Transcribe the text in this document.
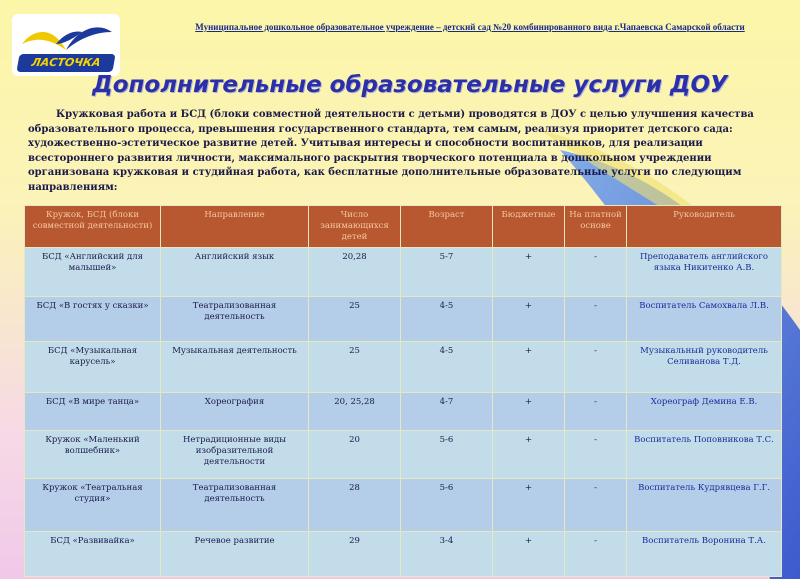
ЛАСТОЧКА
Муниципальное дошкольное образовательное учреждение – детский сад №20 комбинированного вида г.Чапаевска Самарской области
Дополнительные образовательные услуги ДОУ
Кружковая работа и БСД (блоки совместной деятельности с детьми) проводятся в ДОУ с целью улучшения качества образовательного процесса, превышения государственного стандарта, тем самым, реализуя приоритет детского сада: художественно-эстетическое развитие детей. Учитывая интересы и способности воспитанников, для реализации всестороннего развития личности, максимального раскрытия творческого потенциала в дошкольном учреждении организована кружковая и студийная работа, как бесплатные дополнительные образовательные услуги по следующим направлениям:
Кружок, БСД (блоки совместной деятельности)	Направление	Число занимающихся детей	Возраст	Бюджетные	На платной основе	Руководитель
БСД «Английский для малышей»	Английский язык	20,28	5-7	+	-	Преподаватель английского языка Никитенко А.В.
БСД «В гостях у сказки»	Театрализованная деятельность	25	4-5	+	-	Воспитатель Самохвала Л.В.
БСД «Музыкальная карусель»	Музыкальная деятельность	25	4-5	+	-	Музыкальный руководитель Селиванова Т.Д.
БСД «В мире танца»	Хореография	20, 25,28	4-7	+	-	Хореограф Демина Е.В.
Кружок «Маленький волшебник»	Нетрадиционные виды изобразительной деятельности	20	5-6	+	-	Воспитатель Поповникова Т.С.
Кружок «Театральная студия»	Театрализованная деятельность	28	5-6	+	-	Воспитатель Кудрявцева Г.Г.
БСД «Развивайка»	Речевое развитие	29	3-4	+	-	Воспитатель Воронина Т.А.
